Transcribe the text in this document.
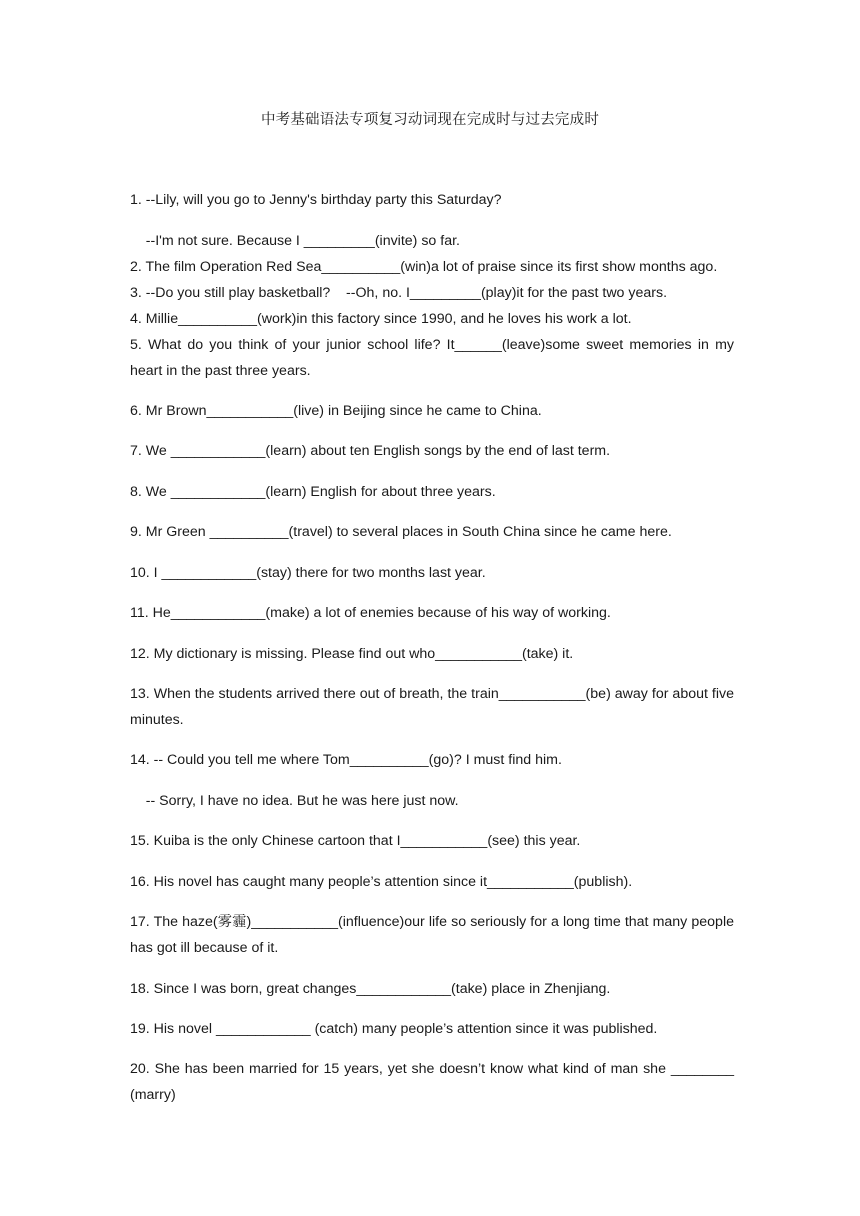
中考基础语法专项复习动词现在完成时与过去完成时
1. --Lily, will you go to Jenny's birthday party this Saturday?
--I'm not sure. Because I _________(invite) so far.
2. The film Operation Red Sea__________(win)a lot of praise since its first show months ago.
3. --Do you still play basketball?    --Oh, no. I_________(play)it for the past two years.
4. Millie__________(work)in this factory since 1990, and he loves his work a lot.
5. What do you think of your junior school life? It______(leave)some sweet memories in my heart in the past three years.
6. Mr Brown___________(live) in Beijing since he came to China.
7. We ____________(learn) about ten English songs by the end of last term.
8. We ____________(learn) English for about three years.
9. Mr Green __________(travel) to several places in South China since he came here.
10. I ____________(stay) there for two months last year.
11. He____________(make) a lot of enemies because of his way of working.
12. My dictionary is missing. Please find out who___________(take) it.
13. When the students arrived there out of breath, the train___________(be) away for about five minutes.
14. -- Could you tell me where Tom__________(go)? I must find him.
-- Sorry, I have no idea. But he was here just now.
15. Kuiba is the only Chinese cartoon that I___________(see) this year.
16. His novel has caught many people’s attention since it___________(publish).
17. The haze(雾霾)___________(influence)our life so seriously for a long time that many people has got ill because of it.
18. Since I was born, great changes____________(take) place in Zhenjiang.
19. His novel ____________ (catch) many people’s attention since it was published.
20. She has been married for 15 years, yet she doesn’t know what kind of man she ________ (marry)
